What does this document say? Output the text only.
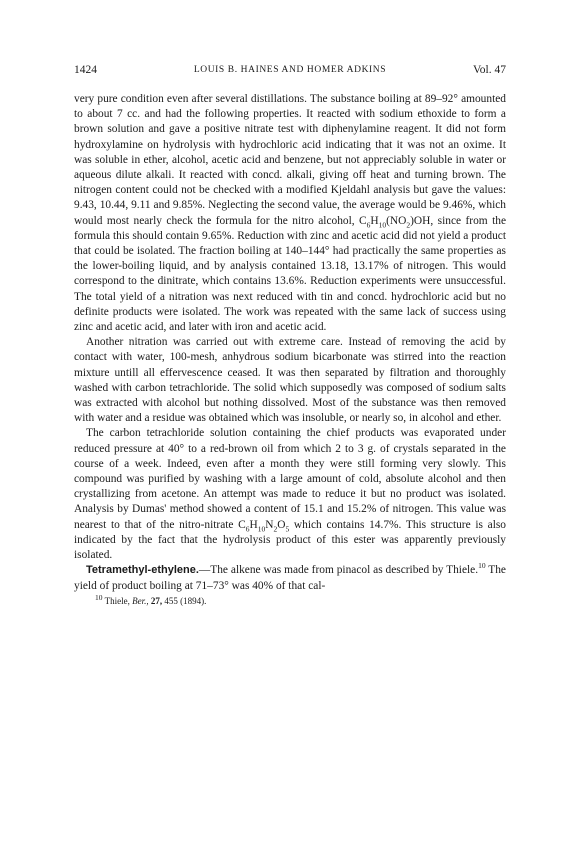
1424	LOUIS B. HAINES AND HOMER ADKINS	Vol. 47

very pure condition even after several distillations. The substance boiling at 89–92° amounted to about 7 cc. and had the following properties. It reacted with sodium ethoxide to form a brown solution and gave a positive nitrate test with diphenylamine reagent. It did not form hydroxylamine on hydrolysis with hydrochloric acid indicating that it was not an oxime. It was soluble in ether, alcohol, acetic acid and benzene, but not appreciably soluble in water or aqueous dilute alkali. It reacted with concd. alkali, giving off heat and turning brown. The nitrogen content could not be checked with a modified Kjeldahl analysis but gave the values: 9.43, 10.44, 9.11 and 9.85%. Neglecting the second value, the average would be 9.46%, which would most nearly check the formula for the nitro alcohol, $C_6H_{10}(NO_2)OH$, since from the formula this should contain 9.65%. Reduction with zinc and acetic acid did not yield a product that could be isolated. The fraction boiling at 140–144° had practically the same properties as the lower-boiling liquid, and by analysis contained 13.18, 13.17% of nitrogen. This would correspond to the dinitrate, which contains 13.6%. Reduction experiments were unsuccessful. The total yield of a nitration was next reduced with tin and concd. hydrochloric acid but no definite products were isolated. The work was repeated with the same lack of success using zinc and acetic acid, and later with iron and acetic acid.

Another nitration was carried out with extreme care. Instead of removing the acid by contact with water, 100-mesh, anhydrous sodium bicarbonate was stirred into the reaction mixture untill all effervescence ceased. It was then separated by filtration and thoroughly washed with carbon tetrachloride. The solid which supposedly was composed of sodium salts was extracted with alcohol but nothing dissolved. Most of the substance was then removed with water and a residue was obtained which was insoluble, or nearly so, in alcohol and ether.

The carbon tetrachloride solution containing the chief products was evaporated under reduced pressure at 40° to a red-brown oil from which 2 to 3 g. of crystals separated in the course of a week. Indeed, even after a month they were still forming very slowly. This compound was purified by washing with a large amount of cold, absolute alcohol and then crystallizing from acetone. An attempt was made to reduce it but no product was isolated. Analysis by Dumas' method showed a content of 15.1 and 15.2% of nitrogen. This value was nearest to that of the nitro-nitrate $C_6H_{10}N_2O_5$ which contains 14.7%. This structure is also indicated by the fact that the hydrolysis product of this ester was apparently previously isolated.

Tetramethyl-ethylene.—The alkene was made from pinacol as described by Thiele.$^{10}$ The yield of product boiling at 71–73° was 40% of that cal-

$^{10}$ Thiele, Ber., 27, 455 (1894).
